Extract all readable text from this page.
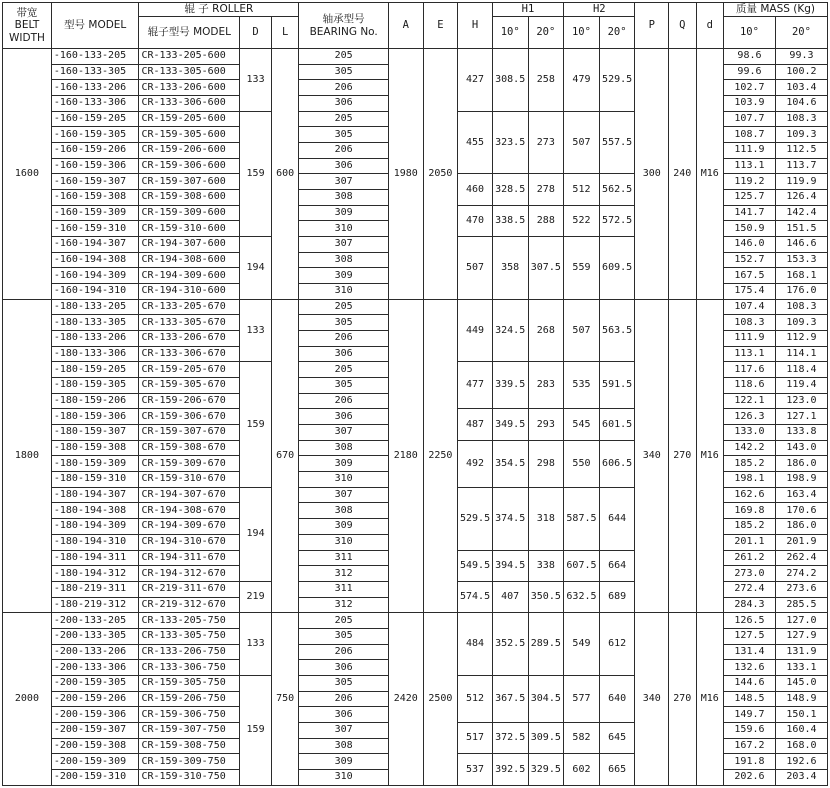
带宽
BELT
WIDTH	型号 MODEL	辊 子 ROLLER			轴承型号
BEARING No.	A	E	H	H1		H2		P	Q	d	质量 MASS (Kg)	
		辊子型号 MODEL	D	L					10°	20°	10°	20°				10°	20°

1600	-160-133-205	CR-133-205-600	133	600	205	1980	2050	427	308.5	258	479	529.5	300	240	M16	98.6	99.3
	-160-133-305	CR-133-305-600			305											99.6	100.2
	-160-133-206	CR-133-206-600			206											102.7	103.4
	-160-133-306	CR-133-306-600			306											103.9	104.6
	-160-159-205	CR-159-205-600	159		205			455	323.5	273	507	557.5				107.7	108.3
	-160-159-305	CR-159-305-600			305											108.7	109.3
	-160-159-206	CR-159-206-600			206											111.9	112.5
	-160-159-306	CR-159-306-600			306											113.1	113.7
	-160-159-307	CR-159-307-600			307			460	328.5	278	512	562.5				119.2	119.9
	-160-159-308	CR-159-308-600			308											125.7	126.4
	-160-159-309	CR-159-309-600			309			470	338.5	288	522	572.5				141.7	142.4
	-160-159-310	CR-159-310-600			310											150.9	151.5
	-160-194-307	CR-194-307-600	194		307			507	358	307.5	559	609.5				146.0	146.6
	-160-194-308	CR-194-308-600			308											152.7	153.3
	-160-194-309	CR-194-309-600			309											167.5	168.1
	-160-194-310	CR-194-310-600			310											175.4	176.0
1800	-180-133-205	CR-133-205-670	133	670	205	2180	2250	449	324.5	268	507	563.5	340	270	M16	107.4	108.3
	-180-133-305	CR-133-305-670			305											108.3	109.3
	-180-133-206	CR-133-206-670			206											111.9	112.9
	-180-133-306	CR-133-306-670			306											113.1	114.1
	-180-159-205	CR-159-205-670	159		205			477	339.5	283	535	591.5				117.6	118.4
	-180-159-305	CR-159-305-670			305											118.6	119.4
	-180-159-206	CR-159-206-670			206											122.1	123.0
	-180-159-306	CR-159-306-670			306			487	349.5	293	545	601.5				126.3	127.1
	-180-159-307	CR-159-307-670			307											133.0	133.8
	-180-159-308	CR-159-308-670			308			492	354.5	298	550	606.5				142.2	143.0
	-180-159-309	CR-159-309-670			309											185.2	186.0
	-180-159-310	CR-159-310-670			310											198.1	198.9
	-180-194-307	CR-194-307-670	194		307			529.5	374.5	318	587.5	644				162.6	163.4
	-180-194-308	CR-194-308-670			308											169.8	170.6
	-180-194-309	CR-194-309-670			309											185.2	186.0
	-180-194-310	CR-194-310-670			310											201.1	201.9
	-180-194-311	CR-194-311-670			311			549.5	394.5	338	607.5	664				261.2	262.4
	-180-194-312	CR-194-312-670			312											273.0	274.2
	-180-219-311	CR-219-311-670	219		311			574.5	407	350.5	632.5	689				272.4	273.6
	-180-219-312	CR-219-312-670			312											284.3	285.5
2000	-200-133-205	CR-133-205-750	133	750	205	2420	2500	484	352.5	289.5	549	612	340	270	M16	126.5	127.0
	-200-133-305	CR-133-305-750			305											127.5	127.9
	-200-133-206	CR-133-206-750			206											131.4	131.9
	-200-133-306	CR-133-306-750			306											132.6	133.1
	-200-159-305	CR-159-305-750	159		305			512	367.5	304.5	577	640				144.6	145.0
	-200-159-206	CR-159-206-750			206											148.5	148.9
	-200-159-306	CR-159-306-750			306											149.7	150.1
	-200-159-307	CR-159-307-750			307			517	372.5	309.5	582	645				159.6	160.4
	-200-159-308	CR-159-308-750			308											167.2	168.0
	-200-159-309	CR-159-309-750			309			537	392.5	329.5	602	665				191.8	192.6
	-200-159-310	CR-159-310-750			310											202.6	203.4
